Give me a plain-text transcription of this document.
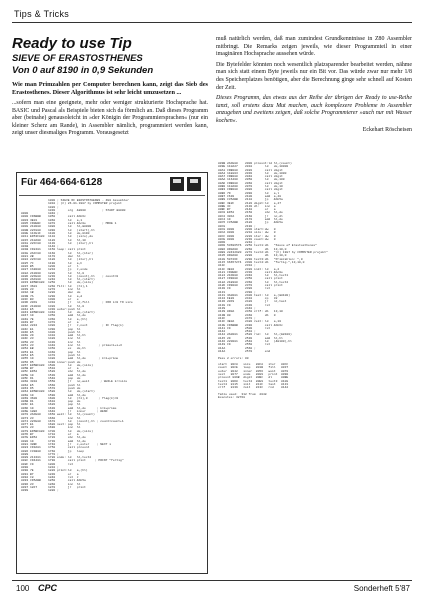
Tips & Tricks
Ready to use Tip
SIEVE OF ERASTOSTHENES
Von 0 auf 8190 in 0,9 Sekunden

Wie man Primzahlen per Computer berechnen kann, zeigt das Sieb des Erastosthenes. Dieser Algorithmus ist sehr leicht umzusetzen ...

...sofern man eine geeignete, mehr oder weniger strukturierte Hochsprache hat. BASIC und Pascal als Beispiele bieten sich da förmlich an. Daß dieses Programm aber (beinahe) genausoleicht in »der Königin der Programmiersprachen« (nur ein kleiner Scherz am Rande), in Assembler nämlich, programmiert werden kann, zeigt unser diesmaliges Programm. Vorausgesetzt

muß natürlich werden, daß man zumindest Grundkenntnisse in Z80 Assembler mitbringt. Die Remarks zeigen jeweils, wie dieser Programmteil in einer imaginären Hochsprache aussehen würde.

Die Bytefelder könnten noch wesentlich platzsparender bearbeitet werden, nähme man sich statt einem Byte jeweils nur ein Bit vor. Das würde zwar nur mehr 1/8 des Speicherplatzes benötigen, aber die Berechnung ginge sehr schnell auf Kosten der Zeit.

Dieses Programm, das etwas aus der Reihe der übrigen der Ready to use-Reihe tanzt, soll erstens dazu Mut machen, auch komplexere Probleme in Assembler anzugehen und zweitens zeigen, daß solche Programmierer »auch nur mit Wasser kochen«.

Eckehart Röscheisen
Für 464·664·6128
1000 ; SIEVE OF ERASTOSTHENES - Z80 Assembler
1010 ; (C) 26.01.1987 by COMPUTER projekt
1020 ;
1030       org  &8000         ; START &8000
8000           1040 ;
8000 CD6BBB    1050       call &bb6c
8003 3E01      1060       ld   a,1
8005 CD0EBC    1070       call &bc0e         ; MODE 1
8008 210080    1080       ld   hl,&8000
800B 22F880    1090       ld   (start),hl
800E 11FE1F    1100       ld   de,8190
8011 ED53FA80  1110       ld   (size),de
8015 210A00    1120       ld   hl,10
8018 22FC80    1130       ld   (iter),hl
801B           1140 ;
801B CD2481    1150 loop: call print
801E 2AFC80    1160       ld   hl,(iter)
8021 2B        1170       dec  hl
8022 22FC80    1180       ld   (iter),hl
8025 7C        1190       ld   a,h
8026 B5        1200       or   l
8027 CA9080    1210       jp   z,ende
802A 210000    1220       ld   hl,0
802D 22FE80    1230       ld   (count),hl    ; count=0
8030 2AF880    1240       ld   hl,(start)
8033 ED5BFA80  1250       ld   de,(size)
8037 3601      1260 fill: ld   (hl),1
8039 23        1270       inc  hl
803A 1B        1280       dec  de
803B 7A        1290       ld   a,d
803C B3        1300       or   e
803D 20F8      1310       jr   nz,fill       ; FOR i=0 TO size
803F 210000    1320       ld   hl,0
8042 E5        1330 outer:push hl
8043 ED5BF880  1340       ld   de,(start)
8047 19        1350       add  hl,de
8048 7E        1360       ld   a,(hl)
8049 B7        1370       or   a
804A 2834      1380       jr   z,next        ; IF flag(i)
804C E1        1390       pop  hl
804D E5        1400       push hl
804E 29        1410       add  hl,hl
804F 23        1420       inc  hl
8050 23        1430       inc  hl
8051 23        1440       inc  hl          ; prime=i+i+3
8052 EB        1450       ex   de,hl
8053 E1        1460       pop  hl
8054 E5        1470       push hl
8055 19        1480       add  hl,de       ; k=i+prime
8056 D5        1490 inner:push de
8057 ED5BFA80  1500       ld   de,(size)
805B B7        1510       or   a
805C ED52      1520       sbc  hl,de
805E 19        1530       add  hl,de
805F D1        1540       pop  de
8060 3010      1550       jr   nc,weit      ; WHILE k<=size
8062 E5        1560       push hl
8063 D5        1570       push de
8064 ED5BF880  1580       ld   de,(start)
8068 19        1590       add  hl,de
8069 3600      1600       ld   (hl),0      ; flag(k)=0
806B D1        1610       pop  de
806C E1        1620       pop  hl
806D 19        1630       add  hl,de      ; k=k+prime
806E 18E6      1640       jr   inner      ; WEND
8070 2AFE80    1650 weit: ld   hl,(count)
8073 23        1660       inc  hl
8074 22FE80    1670       ld   (count),hl ; count=count+1
8077 E1        1680 next: pop  hl
8078 23        1690       inc  hl
8079 ED5BFA80  1700       ld   de,(size)
807D B7        1710       or   a
807E ED52      1720       sbc  hl,de
8080 19        1730       add  hl,de
8081 38BF      1740       jr   c,outer    ; NEXT i
8083 CD3A81    1750       call prcount
8086 C31B80    1760       jp   loop
8089           1770 ;
8089 213481    1780 ende: ld   hl,text2
808C CD4481    1790       call print     ; PRINT "fertig"
808F C9        1800       ret
8090           1810 ;
8090 7E        1820 print:ld   a,(hl)
8091 B7        1830       or   a
8092 C8        1840       ret  z
8093 CD5ABB    1850       call &bb5a
8096 23        1860       inc  hl
8097 18F7      1870       jr   print
8099           1880 ;
809B 2AFE80    2000 prcount:ld hl,(count)
809E 110A27    2010       ld   de,10000
80A1 CDB080    2020       call digit
80A4 11E803    2030       ld   de,1000
80A7 CDB080    2040       call digit
80AA 116400    2050       ld   de,100
80AD CDB080    2060       call digit
80B0 110A00    2070       ld   de,10
80B3 CDB080    2080       call digit
80B6 7D        2090       ld   a,l
80B7 C630      2100       add  a,48
80B9 C35ABB    2110       jp   &bb5a
80BC 3E2F      2120 digit:ld   a,47
80BE 3C        2130 dl:   inc  a
80BF B7        2140       or   a
80C0 ED52      2150       sbc  hl,de
80C2 30FA      2160       jr   nc,dl
80C4 19        2170       add  hl,de
80C5 C35ABB    2180       jp   &bb5a
80C8           2190 ;
80C8 0000      2200 start:dw   0
80CA 0000      2210 size: dw   0
80CC 0000      2220 iter: dw   0
80CE 0000      2230 count:dw   0
80D0           2240 ;
80D0 53696576  2250 text1:db   "Sieve of Erastosthenes"
80E6 0D0A00    2260       db   13,10,0
80E9 28432920  2270 text2:db   "(C) 1987 by COMPUTER projekt"
8105 0D0A00    2280       db   13,10,0
8108 50726F    2290 text3:db   "Primzahlen: ",0
8115 66657274  2300 text4:db   "fertig.",13,10,0
811F           2310 ;
811F 3E02      2320 init: ld   a,2
8121 CD0EBC    2330       call &bc0e
8124 21D080    2340       ld   hl,text1
8127 CD9080    2350       call print
812A 21E980    2360       ld   hl,text2
812D CD9080    2370       call print
8130 C9        2380       ret
8131           2390 ;
8131 3A0081    2400 tast: ld   a,(&8100)
8134 FE20      2410       cp   32
8136 20F9      2420       jr   nz,tast
8138 C9        2430       ret
8139           2440 ;
8139 0D0A      2450 crlf: db   13,10
813B 00        2460       db   0
813C           2470 ;
813C 3E0A      2480 zeit: ld   a,10
813E CD6BBB    2490       call &bb6c
8141 C9        2500       ret
8142           2510 ;
8142 2A0081    2520 rnd:  ld   hl,(&8100)
8145 29        2530       add  hl,hl
8146 220081    2540       ld   (&8100),hl
8149 C9        2550       ret
814A           2560 ;
814A           2570       end
Pass 2 errors: 00
start  80C8   size   80CA   iter   80CC
count  80CE   loop   801B   fill   8037
outer  8042   inner  8056   weit   8070
next   8077   ende   8089   print  8090
prcount 809B  digit  80BC   dl     80BE
text1  80D0   text2  80E9   text3  8108
text4  8115   init   811F   tast   8131
crlf   8139   zeit   813C   rnd    8142
Table used:  312 from  2048
Executes: 32768
100 CPC	Sonderheft 5'87
